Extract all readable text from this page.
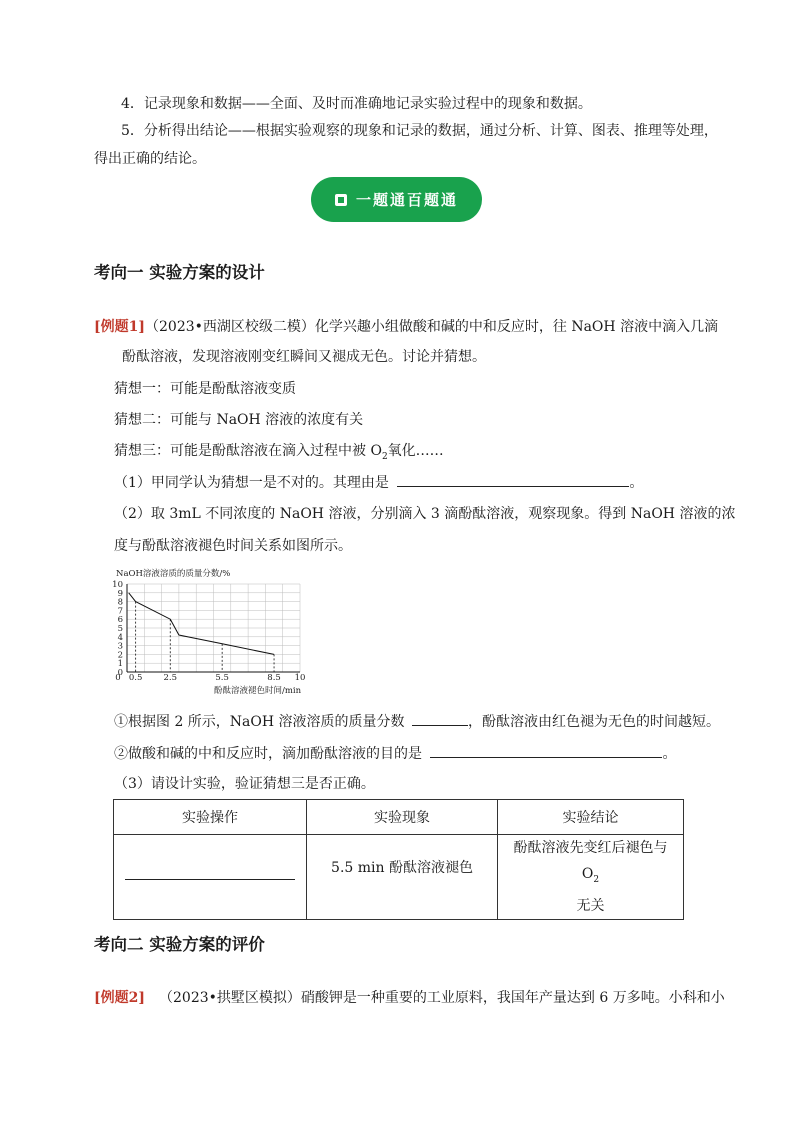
4．记录现象和数据——全面、及时而准确地记录实验过程中的现象和数据。
5．分析得出结论——根据实验观察的现象和记录的数据，通过分析、计算、图表、推理等处理，
得出正确的结论。
一题通百题通
考向一 实验方案的设计
[例题1]（2023•西湖区校级二模）化学兴趣小组做酸和碱的中和反应时，往 NaOH 溶液中滴入几滴
酚酞溶液，发现溶液刚变红瞬间又褪成无色。讨论并猜想。
猜想一：可能是酚酞溶液变质
猜想二：可能与 NaOH 溶液的浓度有关
猜想三：可能是酚酞溶液在滴入过程中被 $O_2$氧化……
（1）甲同学认为猜想一是不对的。其理由是	。
（2）取 3mL 不同浓度的 NaOH 溶液，分别滴入 3 滴酚酞溶液，观察现象。得到 NaOH 溶液的浓
度与酚酞溶液褪色时间关系如图所示。
0
1
2
3
4
5
6
7
8
9
10
0 0.5 2.5	5.5	8.5 10
NaOH溶液溶质的质量分数/%
酚酞溶液褪色时间/min
①根据图 2 所示，NaOH 溶液溶质的质量分数	，酚酞溶液由红色褪为无色的时间越短。
②做酸和碱的中和反应时，滴加酚酞溶液的目的是	。
（3）请设计实验，验证猜想三是否正确。
实验操作	实验现象	实验结论

	5.5 min 酚酞溶液褪色	酚酞溶液先变红后褪色与 $O_2$
无关
考向二 实验方案的评价
[例题2] （2023•拱墅区模拟）硝酸钾是一种重要的工业原料，我国年产量达到 6 万多吨。小科和小
